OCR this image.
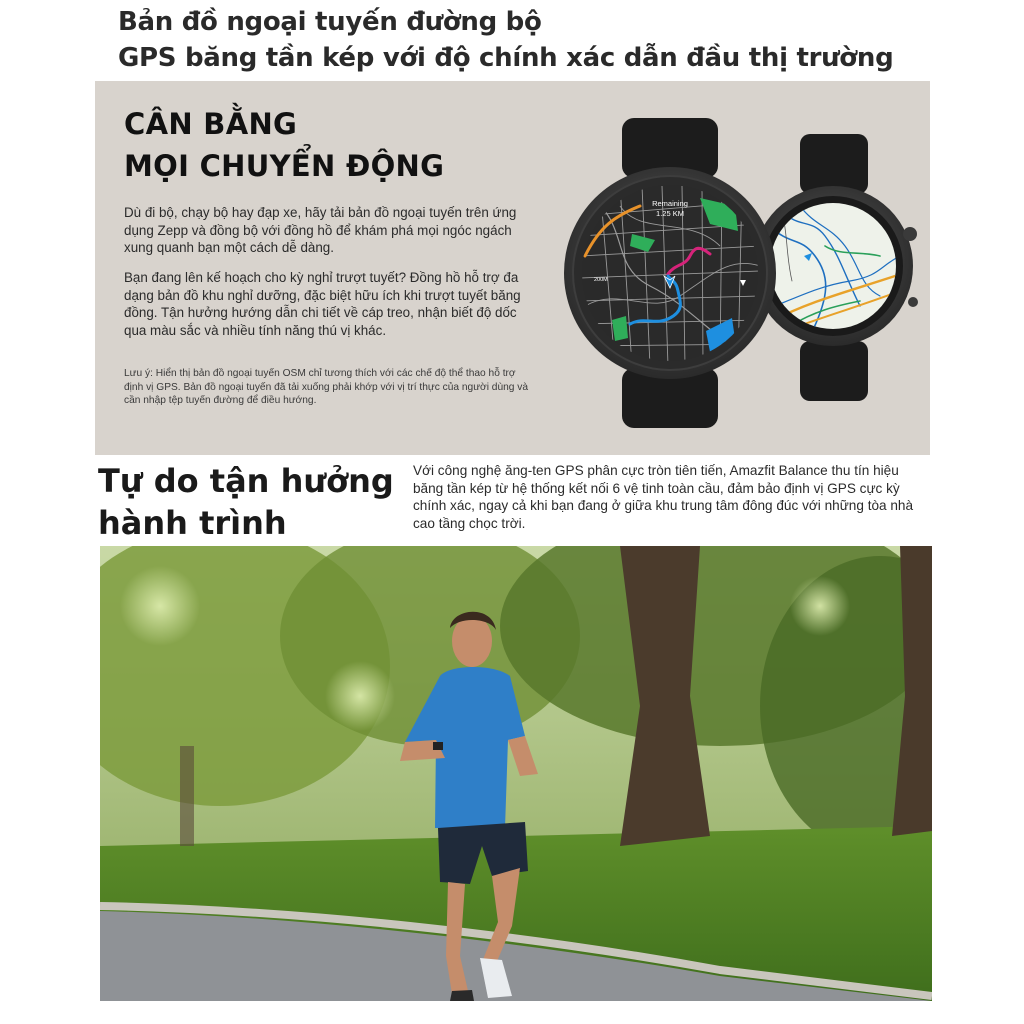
Bản đồ ngoại tuyến đường bộ
GPS băng tần kép với độ chính xác dẫn đầu thị trường
CÂN BẰNG
MỌI CHUYỂN ĐỘNG
Dù đi bộ, chạy bộ hay đạp xe, hãy tải bản đồ ngoại tuyến trên ứng dụng Zepp và đồng bộ với đồng hồ để khám phá mọi ngóc ngách xung quanh bạn một cách dễ dàng.
Bạn đang lên kế hoạch cho kỳ nghỉ trượt tuyết? Đồng hồ hỗ trợ đa dạng bản đồ khu nghỉ dưỡng, đặc biệt hữu ích khi trượt tuyết băng đồng. Tận hưởng hướng dẫn chi tiết về cáp treo, nhận biết độ dốc qua màu sắc và nhiều tính năng thú vị khác.
Lưu ý: Hiển thị bản đồ ngoại tuyến OSM chỉ tương thích với các chế độ thể thao hỗ trợ định vị GPS. Bản đồ ngoại tuyến đã tải xuống phải khớp với vị trí thực của người dùng và cần nhập tệp tuyến đường để điều hướng.
Remaining
1.25 KM
200M
Tự do tận hưởng
hành trình
Với công nghệ ăng-ten GPS phân cực tròn tiên tiến, Amazfit Balance thu tín hiệu băng tần kép từ hệ thống kết nối 6 vệ tinh toàn cầu, đảm bảo định vị GPS cực kỳ chính xác, ngay cả khi bạn đang ở giữa khu trung tâm đông đúc với những tòa nhà cao tầng chọc trời.
